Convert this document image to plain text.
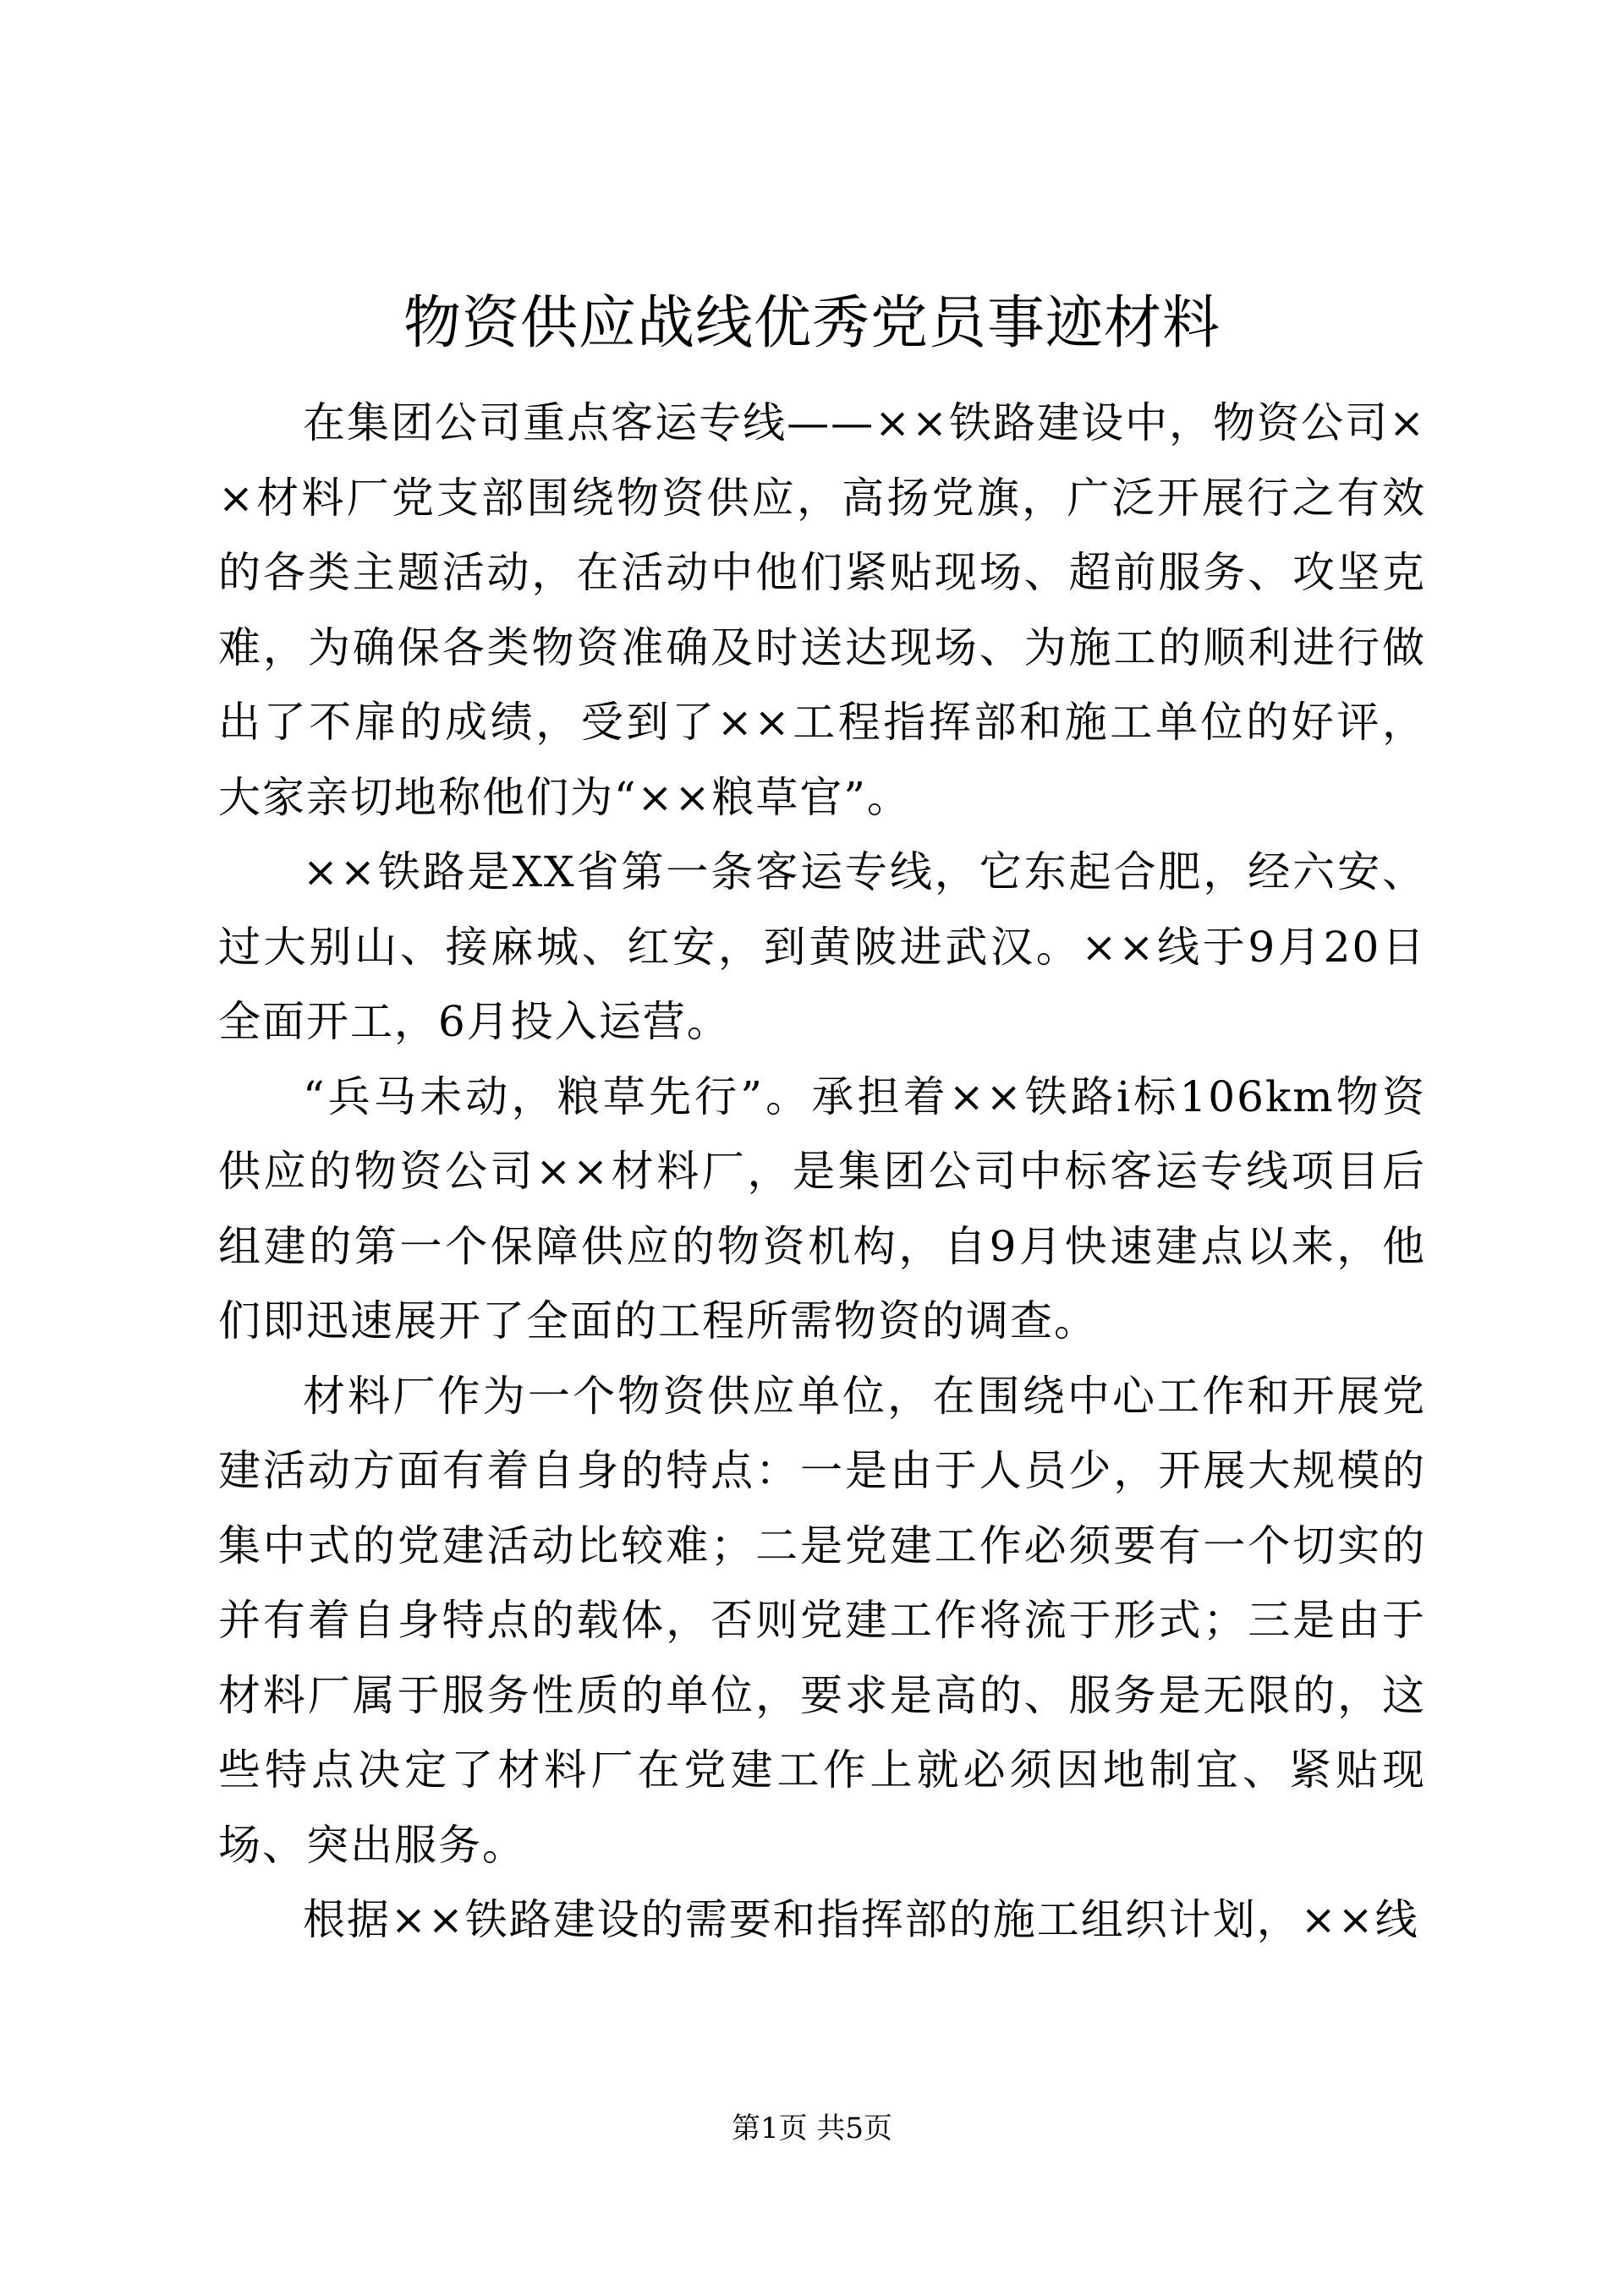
物资供应战线优秀党员事迹材料

在集团公司重点客运专线——××铁路建设中，物资公司××材料厂党支部围绕物资供应，高扬党旗，广泛开展行之有效的各类主题活动，在活动中他们紧贴现场、超前服务、攻坚克难，为确保各类物资准确及时送达现场、为施工的顺利进行做出了不扉的成绩，受到了××工程指挥部和施工单位的好评，大家亲切地称他们为“××粮草官”。

××铁路是XX省第一条客运专线，它东起合肥，经六安、过大别山、接麻城、红安，到黄陂进武汉。××线于9月20日全面开工，6月投入运营。

“兵马未动，粮草先行”。承担着××铁路ⅰ标106km物资供应的物资公司××材料厂，是集团公司中标客运专线项目后组建的第一个保障供应的物资机构，自9月快速建点以来，他们即迅速展开了全面的工程所需物资的调查。

材料厂作为一个物资供应单位，在围绕中心工作和开展党建活动方面有着自身的特点：一是由于人员少，开展大规模的集中式的党建活动比较难；二是党建工作必须要有一个切实的并有着自身特点的载体，否则党建工作将流于形式；三是由于材料厂属于服务性质的单位，要求是高的、服务是无限的，这些特点决定了材料厂在党建工作上就必须因地制宜、紧贴现场、突出服务。

根据××铁路建设的需要和指挥部的施工组织计划，××线

第1页 共5页
